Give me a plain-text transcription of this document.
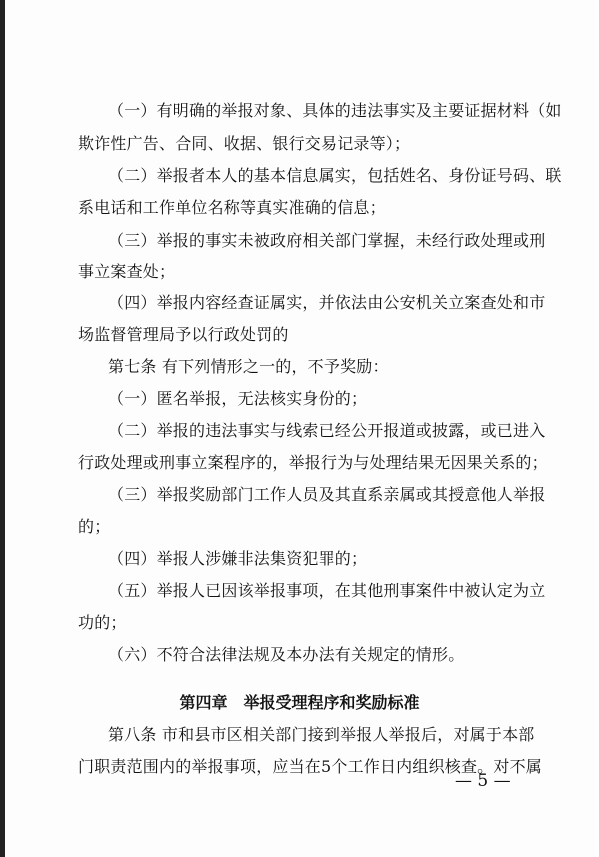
（一）有明确的举报对象、具体的违法事实及主要证据材料（如
欺诈性广告、合同、收据、银行交易记录等）；
（二）举报者本人的基本信息属实，包括姓名、身份证号码、联
系电话和工作单位名称等真实准确的信息；
（三）举报的事实未被政府相关部门掌握，未经行政处理或刑
事立案查处；
（四）举报内容经查证属实，并依法由公安机关立案查处和市
场监督管理局予以行政处罚的
第七条 有下列情形之一的，不予奖励：
（一）匿名举报，无法核实身份的；
（二）举报的违法事实与线索已经公开报道或披露，或已进入
行政处理或刑事立案程序的，举报行为与处理结果无因果关系的；
（三）举报奖励部门工作人员及其直系亲属或其授意他人举报
的；
（四）举报人涉嫌非法集资犯罪的；
（五）举报人已因该举报事项，在其他刑事案件中被认定为立
功的；
（六）不符合法律法规及本办法有关规定的情形。
第四章　举报受理程序和奖励标准
第八条 市和县市区相关部门接到举报人举报后，对属于本部
门职责范围内的举报事项，应当在5个工作日内组织核查。对不属
— 5 —
